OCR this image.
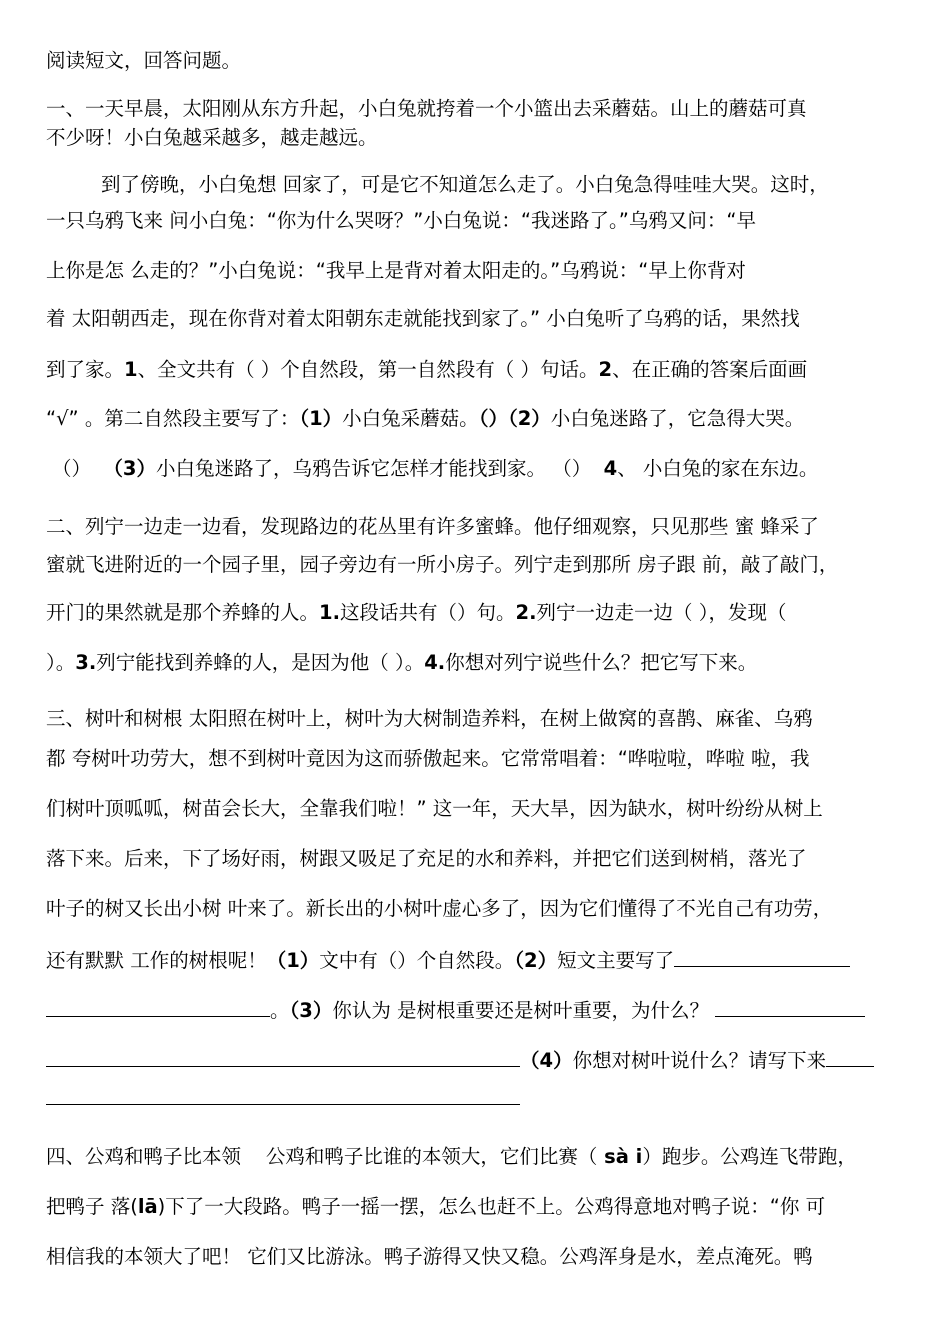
阅读短文，回答问题。
一、一天早晨，太阳刚从东方升起，小白兔就挎着一个小篮出去采蘑菇。山上的蘑菇可真
不少呀！小白兔越采越多，越走越远。
到了傍晚，小白兔想 回家了，可是它不知道怎么走了。小白兔急得哇哇大哭。这时，
一只乌鸦飞来 问小白兔：“你为什么哭呀？”小白兔说：“我迷路了。”乌鸦又问：“早
上你是怎 么走的？”小白兔说：“我早上是背对着太阳走的。”乌鸦说：“早上你背对
着 太阳朝西走，现在你背对着太阳朝东走就能找到家了。” 小白兔听了乌鸦的话，果然找
到了家。1、全文共有（ ）个自然段，第一自然段有（ ）句话。2、在正确的答案后面画
“√” 。第二自然段主要写了：（1）小白兔采蘑菇。（）（2）小白兔迷路了，它急得大哭。
（） （3）小白兔迷路了，乌鸦告诉它怎样才能找到家。 （） 4、 小白兔的家在东边。
二、列宁一边走一边看，发现路边的花丛里有许多蜜蜂。他仔细观察，只见那些 蜜 蜂采了
蜜就飞进附近的一个园子里，园子旁边有一所小房子。列宁走到那所 房子跟 前，敲了敲门，
开门的果然就是那个养蜂的人。1.这段话共有（）句。2.列宁一边走一边（ ），发现（
）。3.列宁能找到养蜂的人，是因为他（ ）。4.你想对列宁说些什么？把它写下来。
三、树叶和树根 太阳照在树叶上，树叶为大树制造养料，在树上做窝的喜鹊、麻雀、乌鸦
都 夸树叶功劳大，想不到树叶竟因为这而骄傲起来。它常常唱着：“哗啦啦，哗啦 啦，我
们树叶顶呱呱，树苗会长大，全靠我们啦！” 这一年，天大旱，因为缺水，树叶纷纷从树上
落下来。后来，下了场好雨，树跟又吸足了充足的水和养料，并把它们送到树梢，落光了
叶子的树又长出小树 叶来了。新长出的小树叶虚心多了，因为它们懂得了不光自己有功劳，
还有默默 工作的树根呢！（1）文中有（）个自然段。（2）短文主要写了
。（3）你认为 是树根重要还是树叶重要，为什么？
（4）你想对树叶说什么？请写下来
四、公鸡和鸭子比本领 公鸡和鸭子比谁的本领大，它们比赛（ sà i）跑步。公鸡连飞带跑，
把鸭子 落(lā)下了一大段路。鸭子一摇一摆，怎么也赶不上。公鸡得意地对鸭子说：“你 可
相信我的本领大了吧！ 它们又比游泳。鸭子游得又快又稳。公鸡浑身是水，差点淹死。鸭
